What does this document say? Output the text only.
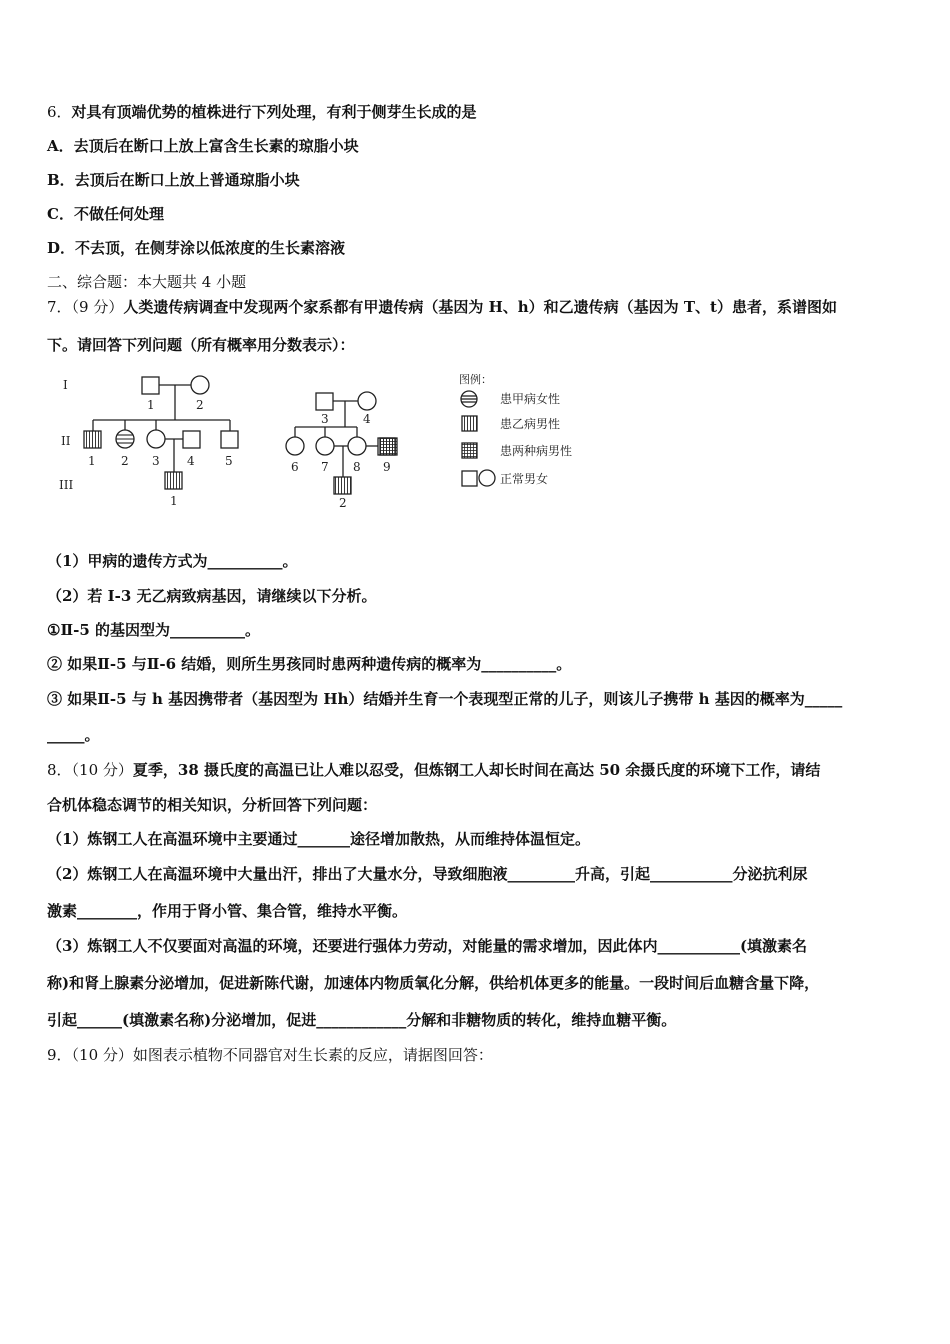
6．对具有顶端优势的植株进行下列处理，有利于侧芽生长成的是
A．去顶后在断口上放上富含生长素的琼脂小块
B．去顶后在断口上放上普通琼脂小块
C．不做任何处理
D．不去顶，在侧芽涂以低浓度的生长素溶液
二、综合题：本大题共 4 小题
7．（9 分）人类遗传病调查中发现两个家系都有甲遗传病（基因为 H、h）和乙遗传病（基因为 T、t）患者，系谱图如
下。请回答下列问题（所有概率用分数表示）：
I
II
III
1	2
1 2 3 4	5
1
3	4
6 7 8 9
2
图例：
患甲病女性
患乙病男性
患两种病男性
正常男女
（1）甲病的遗传方式为__________。
（2）若 I-3 无乙病致病基因，请继续以下分析。
①Ⅱ-5 的基因型为__________。
② 如果Ⅱ-5 与Ⅱ-6 结婚，则所生男孩同时患两种遗传病的概率为__________。
③ 如果Ⅱ-5 与 h 基因携带者（基因型为 Hh）结婚并生育一个表现型正常的儿子，则该儿子携带 h 基因的概率为_____
_____。
8．（10 分）夏季，38 摄氏度的高温已让人难以忍受，但炼钢工人却长时间在高达 50 余摄氏度的环境下工作，请结
合机体稳态调节的相关知识，分析回答下列问题：
（1）炼钢工人在高温环境中主要通过_______途径增加散热，从而维持体温恒定。
（2）炼钢工人在高温环境中大量出汗，排出了大量水分，导致细胞液_________升高，引起___________分泌抗利尿
激素________，作用于肾小管、集合管，维持水平衡。
（3）炼钢工人不仅要面对高温的环境，还要进行强体力劳动，对能量的需求增加，因此体内___________(填激素名
称)和肾上腺素分泌增加，促进新陈代谢，加速体内物质氧化分解，供给机体更多的能量。一段时间后血糖含量下降，
引起______(填激素名称)分泌增加，促进____________分解和非糖物质的转化，维持血糖平衡。
9．（10 分）如图表示植物不同器官对生长素的反应，请据图回答：
